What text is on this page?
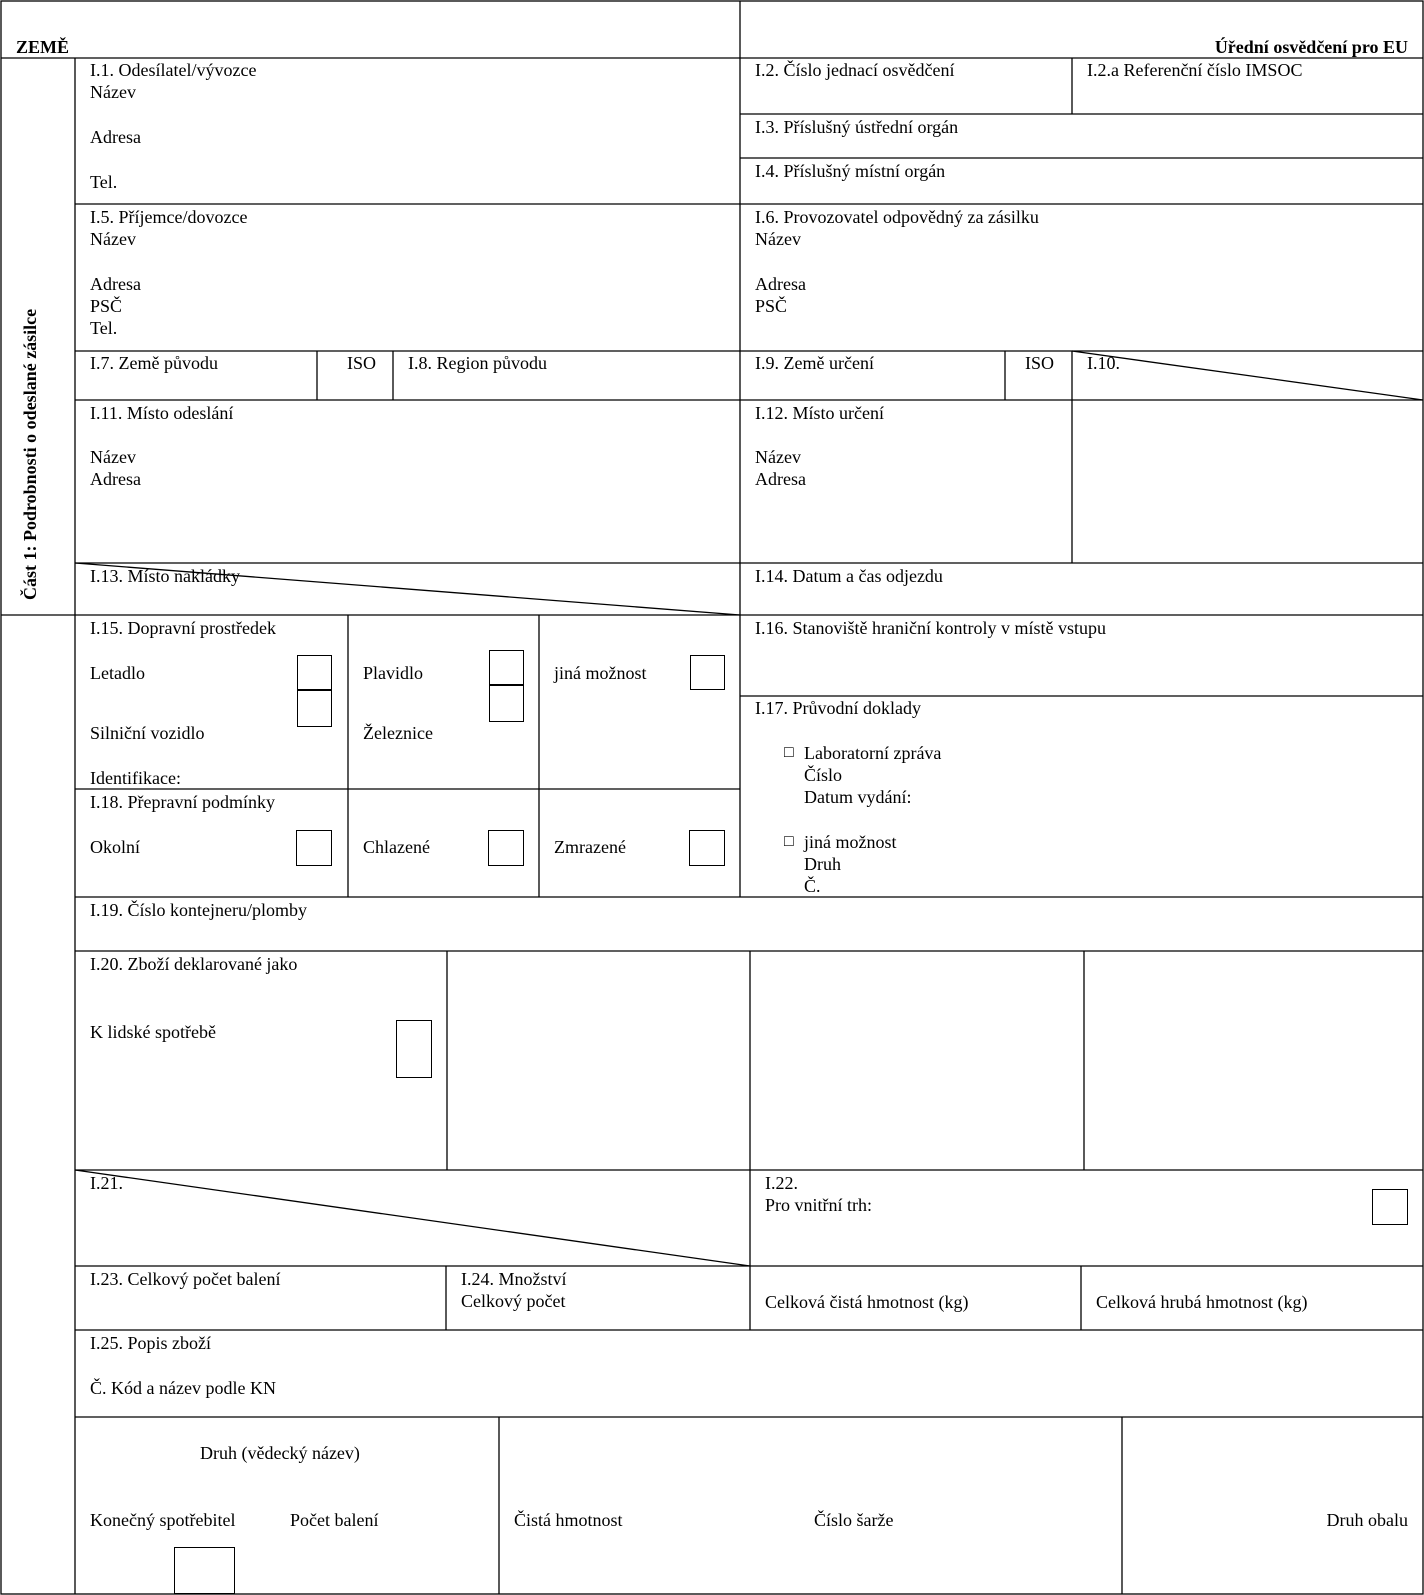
ZEMĚ	Úřední osvědčení pro EU
Část 1: Podrobnosti o odeslané zásilce
I.1. Odesílatel/vývozce
Název
Adresa
Tel.
I.2. Číslo jednací osvědčení	I.2.a Referenční číslo IMSOC
I.3. Příslušný ústřední orgán
I.4. Příslušný místní orgán
I.5. Příjemce/dovozce
Název
Adresa
PSČ
Tel.
I.6. Provozovatel odpovědný za zásilku
Název
Adresa
PSČ
I.7. Země původu	ISO I.8. Region původu	I.9. Země určení	ISO I.10.
I.11. Místo odeslání
Název
Adresa
I.12. Místo určení
Název
Adresa
I.13. Místo nakládky	I.14. Datum a čas odjezdu
I.15. Dopravní prostředek
Letadlo	Plavidlo	jiná možnost
Silniční vozidlo	Železnice
Identifikace:
I.16. Stanoviště hraniční kontroly v místě vstupu
I.17. Průvodní doklady
□ Laboratorní zpráva
Číslo
Datum vydání:
□ jiná možnost
Druh
Č.
I.18. Přepravní podmínky
Okolní	Chlazené	Zmrazené
I.19. Číslo kontejneru/plomby
I.20. Zboží deklarované jako
K lidské spotřebě
I.21.	I.22.
Pro vnitřní trh:
I.23. Celkový počet balení	I.24. Množství
Celkový počet	Celková čistá hmotnost (kg)	Celková hrubá hmotnost (kg)
I.25. Popis zboží
Č. Kód a název podle KN
Druh (vědecký název)
Konečný spotřebitel	Počet balení	Čistá hmotnost	Číslo šarže	Druh obalu
